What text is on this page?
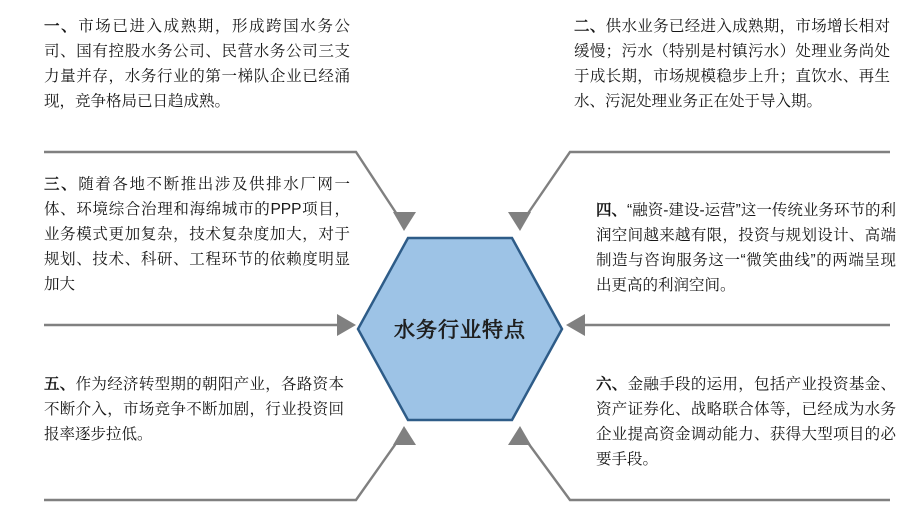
水务行业特点
一、市场已进入成熟期，形成跨国水务公司、国有控股水务公司、民营水务公司三支力量并存，水务行业的第一梯队企业已经涌现，竞争格局已日趋成熟。
二、供水业务已经进入成熟期，市场增长相对缓慢；污水（特别是村镇污水）处理业务尚处于成长期，市场规模稳步上升；直饮水、再生水、污泥处理业务正在处于导入期。
三、随着各地不断推出涉及供排水厂网一体、环境综合治理和海绵城市的PPP项目，业务模式更加复杂，技术复杂度加大，对于规划、技术、科研、工程环节的依赖度明显加大
四、“融资-建设-运营”这一传统业务环节的利润空间越来越有限，投资与规划设计、高端制造与咨询服务这一“微笑曲线”的两端呈现出更高的利润空间。
五、作为经济转型期的朝阳产业，各路资本不断介入，市场竞争不断加剧，行业投资回报率逐步拉低。
六、金融手段的运用，包括产业投资基金、资产证券化、战略联合体等，已经成为水务企业提高资金调动能力、获得大型项目的必要手段。
